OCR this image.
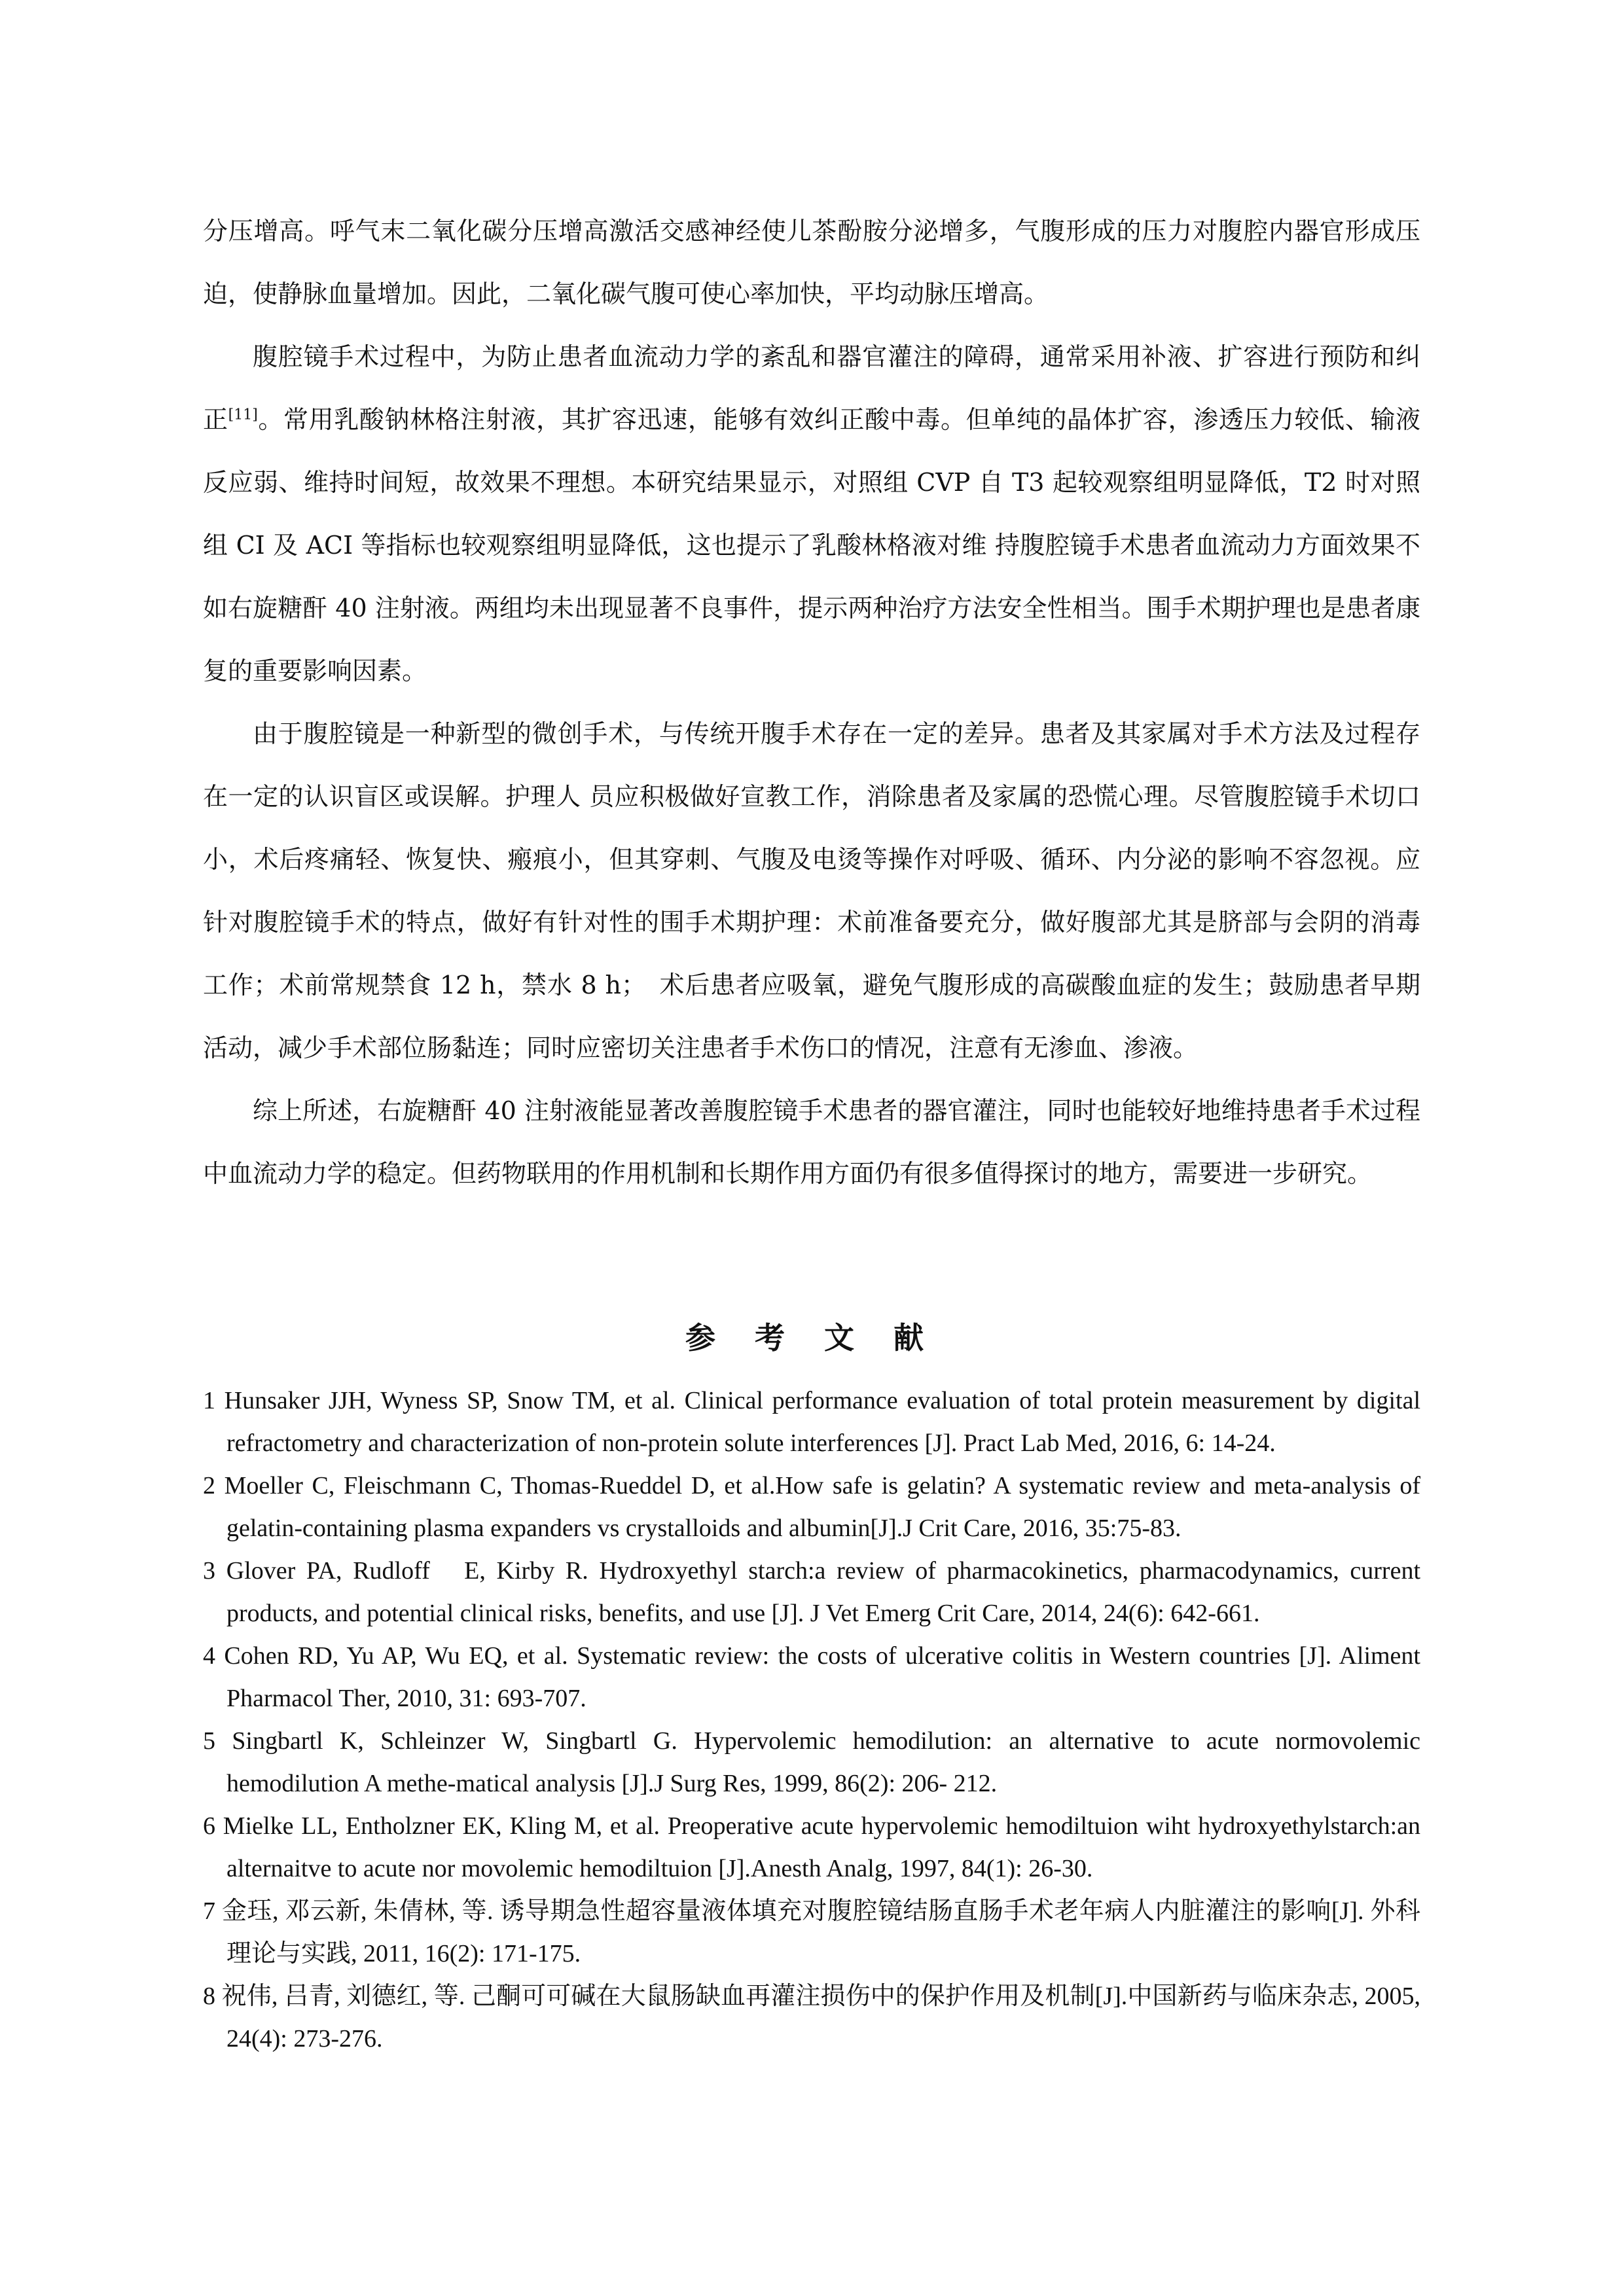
分压增高。呼气末二氧化碳分压增高激活交感神经使儿茶酚胺分泌增多，气腹形成的压力对腹腔内器官形成压迫，使静脉血量增加。因此，二氧化碳气腹可使心率加快，平均动脉压增高。

腹腔镜手术过程中，为防止患者血流动力学的紊乱和器官灌注的障碍，通常采用补液、扩容进行预防和纠正[11]。常用乳酸钠林格注射液，其扩容迅速，能够有效纠正酸中毒。但单纯的晶体扩容，渗透压力较低、输液反应弱、维持时间短，故效果不理想。本研究结果显示，对照组 CVP 自 T3 起较观察组明显降低，T2 时对照组 CI 及 ACI 等指标也较观察组明显降低，这也提示了乳酸林格液对维 持腹腔镜手术患者血流动力方面效果不如右旋糖酐 40 注射液。两组均未出现显著不良事件，提示两种治疗方法安全性相当。围手术期护理也是患者康复的重要影响因素。

由于腹腔镜是一种新型的微创手术，与传统开腹手术存在一定的差异。患者及其家属对手术方法及过程存在一定的认识盲区或误解。护理人 员应积极做好宣教工作，消除患者及家属的恐慌心理。尽管腹腔镜手术切口小，术后疼痛轻、恢复快、瘢痕小，但其穿刺、气腹及电烫等操作对呼吸、循环、内分泌的影响不容忽视。应针对腹腔镜手术的特点，做好有针对性的围手术期护理：术前准备要充分，做好腹部尤其是脐部与会阴的消毒工作；术前常规禁食 12 h，禁水 8 h；　术后患者应吸氧，避免气腹形成的高碳酸血症的发生；鼓励患者早期活动，减少手术部位肠黏连；同时应密切关注患者手术伤口的情况，注意有无渗血、渗液。

综上所述，右旋糖酐 40 注射液能显著改善腹腔镜手术患者的器官灌注，同时也能较好地维持患者手术过程中血流动力学的稳定。但药物联用的作用机制和长期作用方面仍有很多值得探讨的地方，需要进一步研究。

参 考 文 献
1 Hunsaker JJH, Wyness SP, Snow TM, et al. Clinical performance evaluation of total protein measurement by digital refractometry and characterization of non-protein solute interferences [J]. Pract Lab Med, 2016, 6: 14-24.
2 Moeller C, Fleischmann C, Thomas-Rueddel D, et al.How safe is gelatin? A systematic review and meta‐analysis of gelatin-containing plasma expanders vs crystalloids and albumin[J].J Crit Care, 2016, 35:75-83.
3 Glover PA, Rudloff　E, Kirby R. Hydroxyethyl starch:a review of pharmacokinetics, pharmacodynamics, current products, and potential clinical risks, benefits, and use [J]. J Vet Emerg Crit Care, 2014, 24(6): 642-661.
4 Cohen RD, Yu AP, Wu EQ, et al. Systematic review: the costs of ulcerative colitis in Western countries [J]. Aliment Pharmacol Ther, 2010, 31: 693-707.
5 Singbartl K, Schleinzer W, Singbartl G. Hypervolemic hemodilution: an alternative to acute normovolemic hemodilution A methe-matical analysis [J].J Surg Res, 1999, 86(2): 206- 212.
6 Mielke LL, Entholzner EK, Kling M, et al. Preoperative acute hypervolemic hemodiltuion wiht hydroxyethylstarch:an alternaitve to acute nor movolemic hemodiltuion [J].Anesth Analg, 1997, 84(1): 26-30.
7 金珏, 邓云新, 朱倩林, 等. 诱导期急性超容量液体填充对腹腔镜结肠直肠手术老年病人内脏灌注的影响[J]. 外科理论与实践, 2011, 16(2): 171-175.
8 祝伟, 吕青, 刘德红, 等. 己酮可可碱在大鼠肠缺血再灌注损伤中的保护作用及机制[J].中国新药与临床杂志, 2005, 24(4): 273-276.
